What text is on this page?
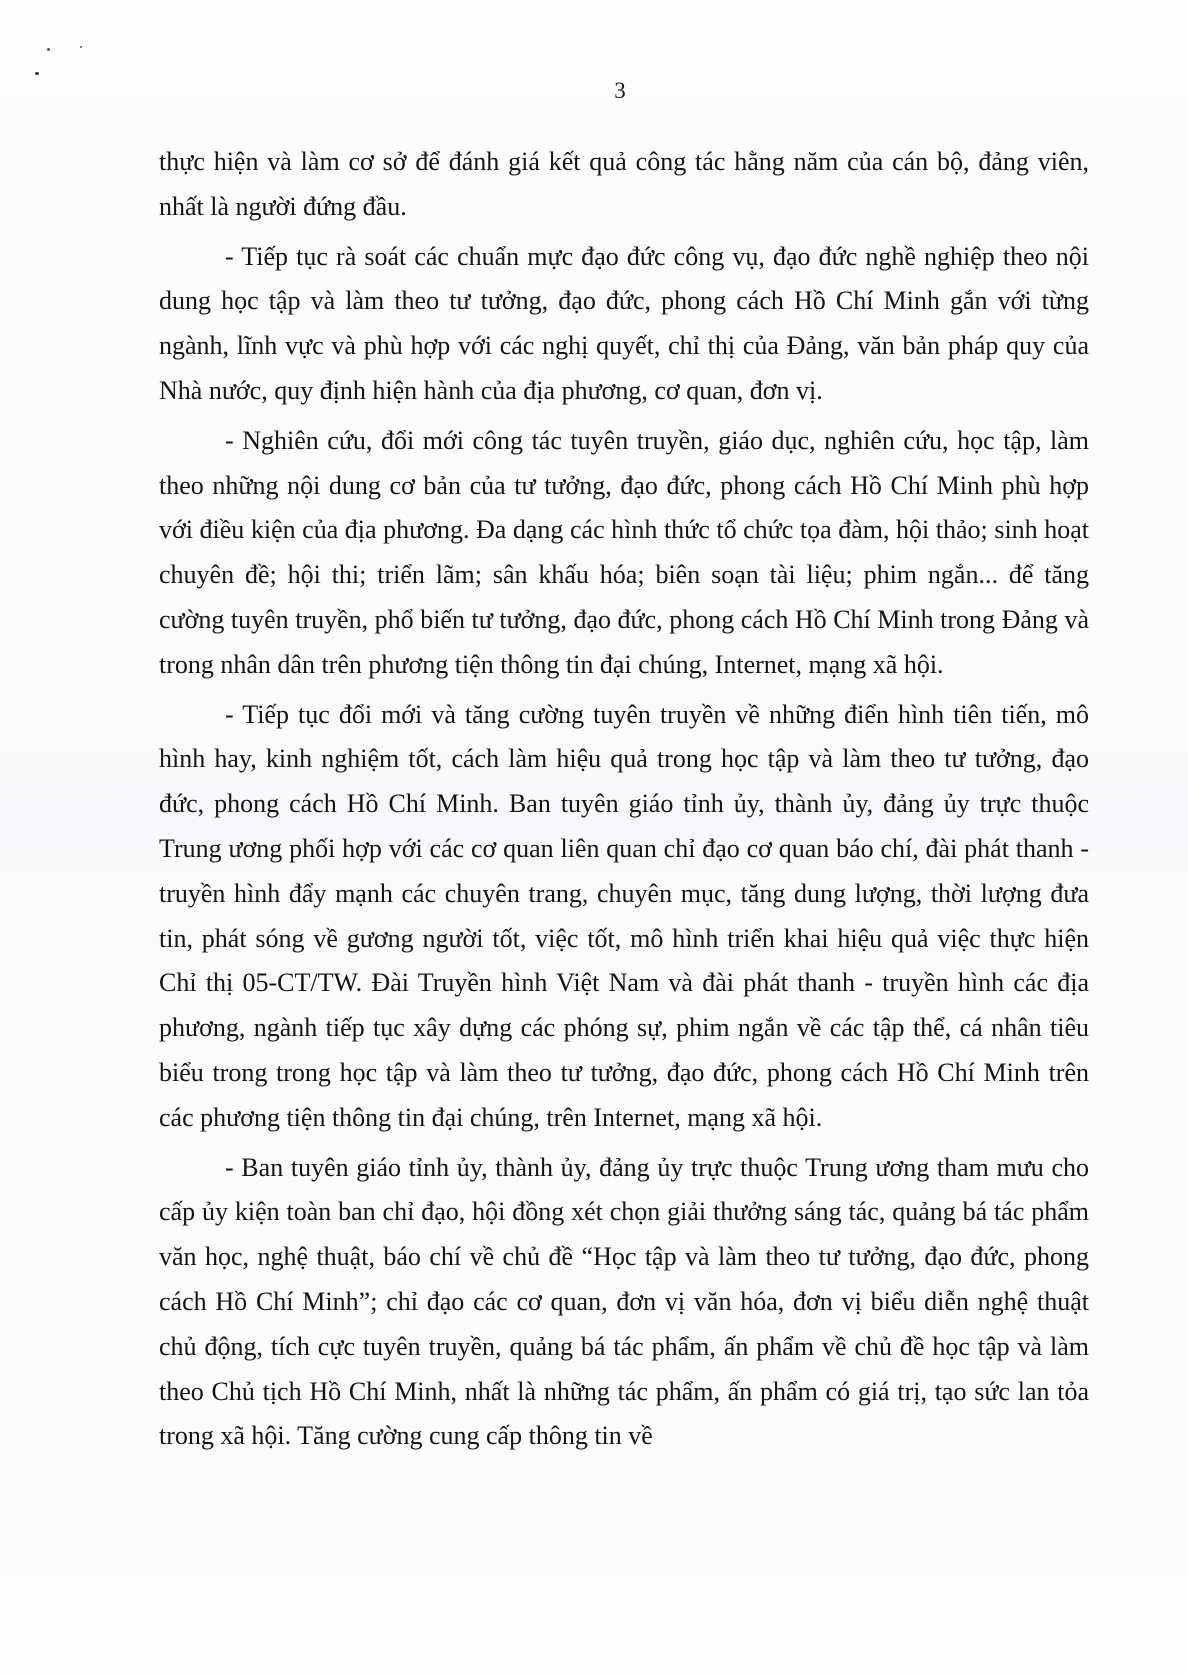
3

thực hiện và làm cơ sở để đánh giá kết quả công tác hằng năm của cán bộ, đảng viên, nhất là người đứng đầu.

- Tiếp tục rà soát các chuẩn mực đạo đức công vụ, đạo đức nghề nghiệp theo nội dung học tập và làm theo tư tưởng, đạo đức, phong cách Hồ Chí Minh gắn với từng ngành, lĩnh vực và phù hợp với các nghị quyết, chỉ thị của Đảng, văn bản pháp quy của Nhà nước, quy định hiện hành của địa phương, cơ quan, đơn vị.

- Nghiên cứu, đổi mới công tác tuyên truyền, giáo dục, nghiên cứu, học tập, làm theo những nội dung cơ bản của tư tưởng, đạo đức, phong cách Hồ Chí Minh phù hợp với điều kiện của địa phương. Đa dạng các hình thức tổ chức tọa đàm, hội thảo; sinh hoạt chuyên đề; hội thi; triển lãm; sân khấu hóa; biên soạn tài liệu; phim ngắn... để tăng cường tuyên truyền, phổ biến tư tưởng, đạo đức, phong cách Hồ Chí Minh trong Đảng và trong nhân dân trên phương tiện thông tin đại chúng, Internet, mạng xã hội.

- Tiếp tục đổi mới và tăng cường tuyên truyền về những điển hình tiên tiến, mô hình hay, kinh nghiệm tốt, cách làm hiệu quả trong học tập và làm theo tư tưởng, đạo đức, phong cách Hồ Chí Minh. Ban tuyên giáo tỉnh ủy, thành ủy, đảng ủy trực thuộc Trung ương phối hợp với các cơ quan liên quan chỉ đạo cơ quan báo chí, đài phát thanh - truyền hình đẩy mạnh các chuyên trang, chuyên mục, tăng dung lượng, thời lượng đưa tin, phát sóng về gương người tốt, việc tốt, mô hình triển khai hiệu quả việc thực hiện Chỉ thị 05-CT/TW. Đài Truyền hình Việt Nam và đài phát thanh - truyền hình các địa phương, ngành tiếp tục xây dựng các phóng sự, phim ngắn về các tập thể, cá nhân tiêu biểu trong trong học tập và làm theo tư tưởng, đạo đức, phong cách Hồ Chí Minh trên các phương tiện thông tin đại chúng, trên Internet, mạng xã hội.

- Ban tuyên giáo tỉnh ủy, thành ủy, đảng ủy trực thuộc Trung ương tham mưu cho cấp ủy kiện toàn ban chỉ đạo, hội đồng xét chọn giải thưởng sáng tác, quảng bá tác phẩm văn học, nghệ thuật, báo chí về chủ đề “Học tập và làm theo tư tưởng, đạo đức, phong cách Hồ Chí Minh”; chỉ đạo các cơ quan, đơn vị văn hóa, đơn vị biểu diễn nghệ thuật chủ động, tích cực tuyên truyền, quảng bá tác phẩm, ấn phẩm về chủ đề học tập và làm theo Chủ tịch Hồ Chí Minh, nhất là những tác phẩm, ấn phẩm có giá trị, tạo sức lan tỏa trong xã hội. Tăng cường cung cấp thông tin về
